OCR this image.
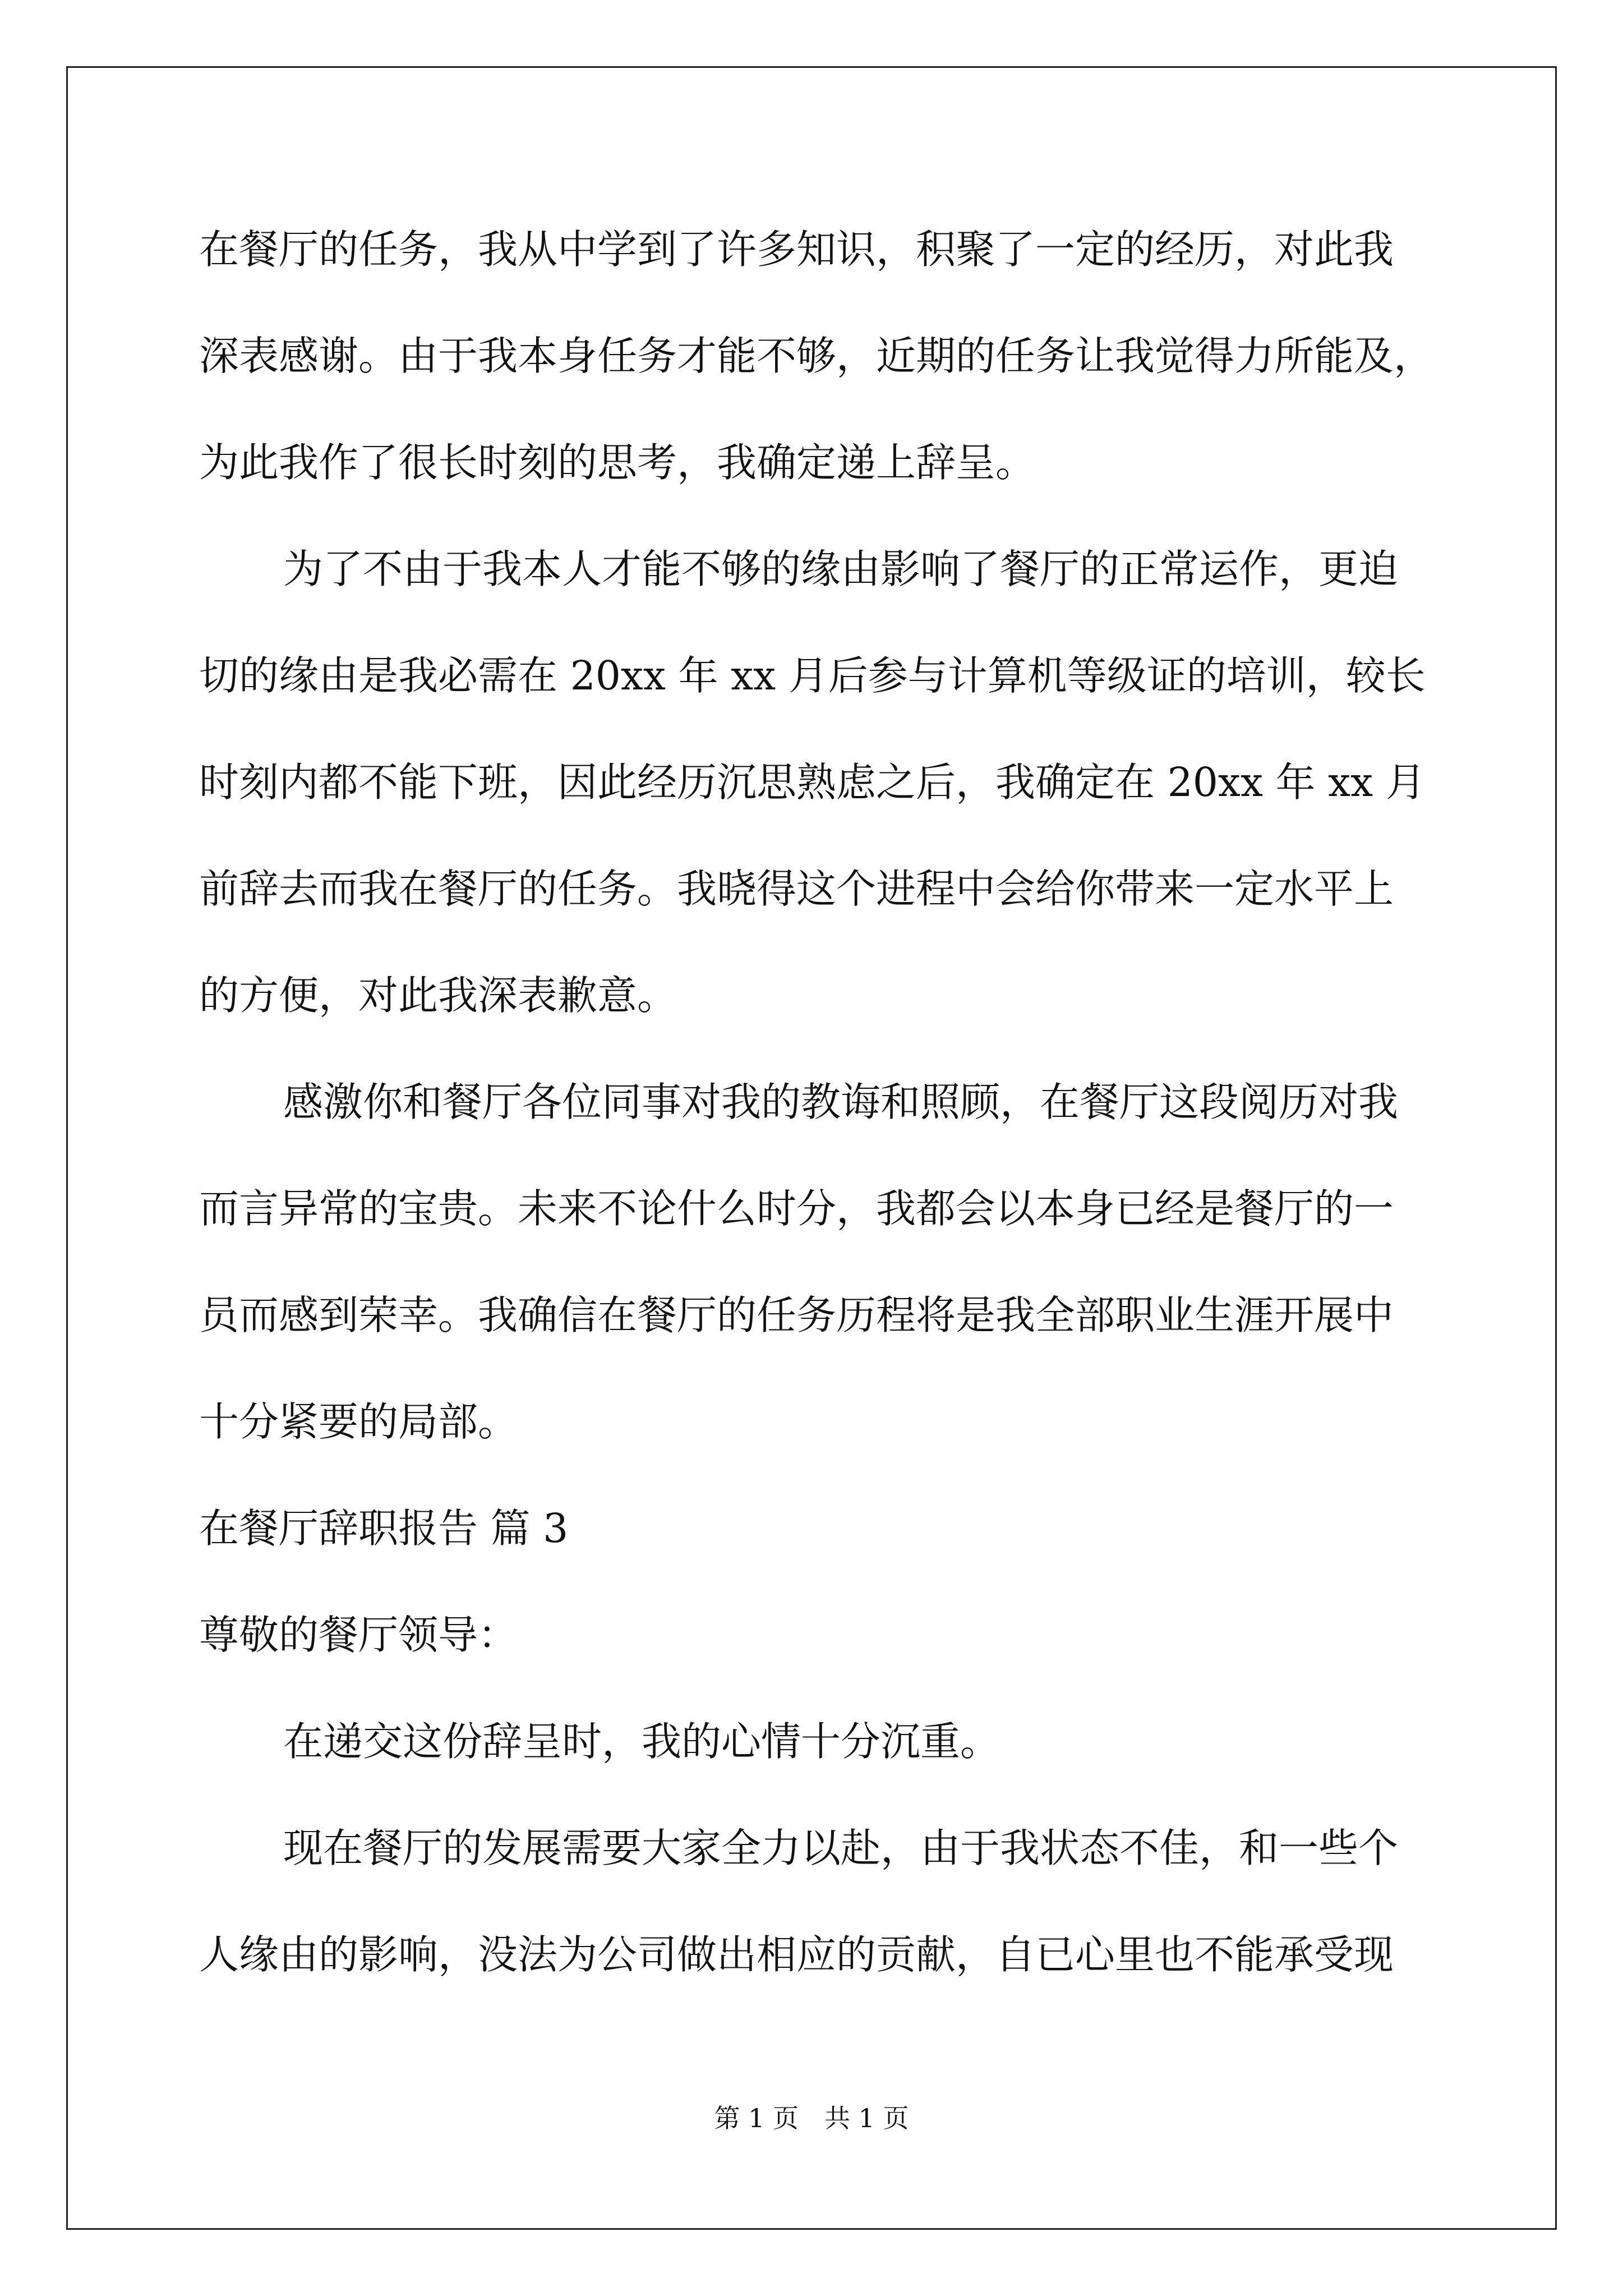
在餐厅的任务，我从中学到了许多知识，积聚了一定的经历，对此我
深表感谢。由于我本身任务才能不够，近期的任务让我觉得力所能及，
为此我作了很长时刻的思考，我确定递上辞呈。
为了不由于我本人才能不够的缘由影响了餐厅的正常运作，更迫
切的缘由是我必需在 20xx 年 xx 月后参与计算机等级证的培训，较长
时刻内都不能下班，因此经历沉思熟虑之后，我确定在 20xx 年 xx 月
前辞去而我在餐厅的任务。我晓得这个进程中会给你带来一定水平上
的方便，对此我深表歉意。
感激你和餐厅各位同事对我的教诲和照顾，在餐厅这段阅历对我
而言异常的宝贵。未来不论什么时分，我都会以本身已经是餐厅的一
员而感到荣幸。我确信在餐厅的任务历程将是我全部职业生涯开展中
十分紧要的局部。
在餐厅辞职报告 篇 3
尊敬的餐厅领导：
在递交这份辞呈时，我的心情十分沉重。
现在餐厅的发展需要大家全力以赴，由于我状态不佳，和一些个
人缘由的影响，没法为公司做出相应的贡献，自已心里也不能承受现
第 1 页　共 1 页
